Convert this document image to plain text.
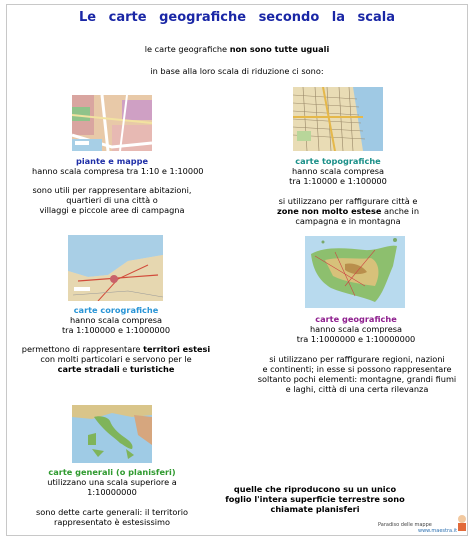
Le carte geografiche secondo la scala
le carte geografiche non sono tutte uguali
in base alla loro scala di riduzione ci sono:
piante e mappe
hanno scala compresa tra 1:10 e 1:10000
sono utili per rappresentare abitazioni,
quartieri di una città o
villaggi e piccole aree di campagna
carte topografiche
hanno scala compresa
tra 1:10000 e 1:100000
si utilizzano per raffigurare città e
zone non molto estese anche in
campagna e in montagna
carte corografiche
hanno scala compresa
tra 1:100000 e 1:1000000
permettono di rappresentare territori estesi
con molti particolari e servono per le
carte stradali e turistiche
carte geografiche
hanno scala compresa
tra 1:1000000 e 1:10000000
si utilizzano per raffigurare regioni, nazioni
e continenti; in esse si possono rappresentare
soltanto pochi elementi: montagne, grandi fiumi
e laghi, città di una certa rilevanza
carte generali (o planisferi)
utilizzano una scala superiore a
1:10000000
sono dette carte generali: il territorio
rappresentato è estesissimo
quelle che riproducono su un unico
foglio l'intera superficie terrestre sono
chiamate planisferi
Paradiso delle mappe
www.maestra.it
